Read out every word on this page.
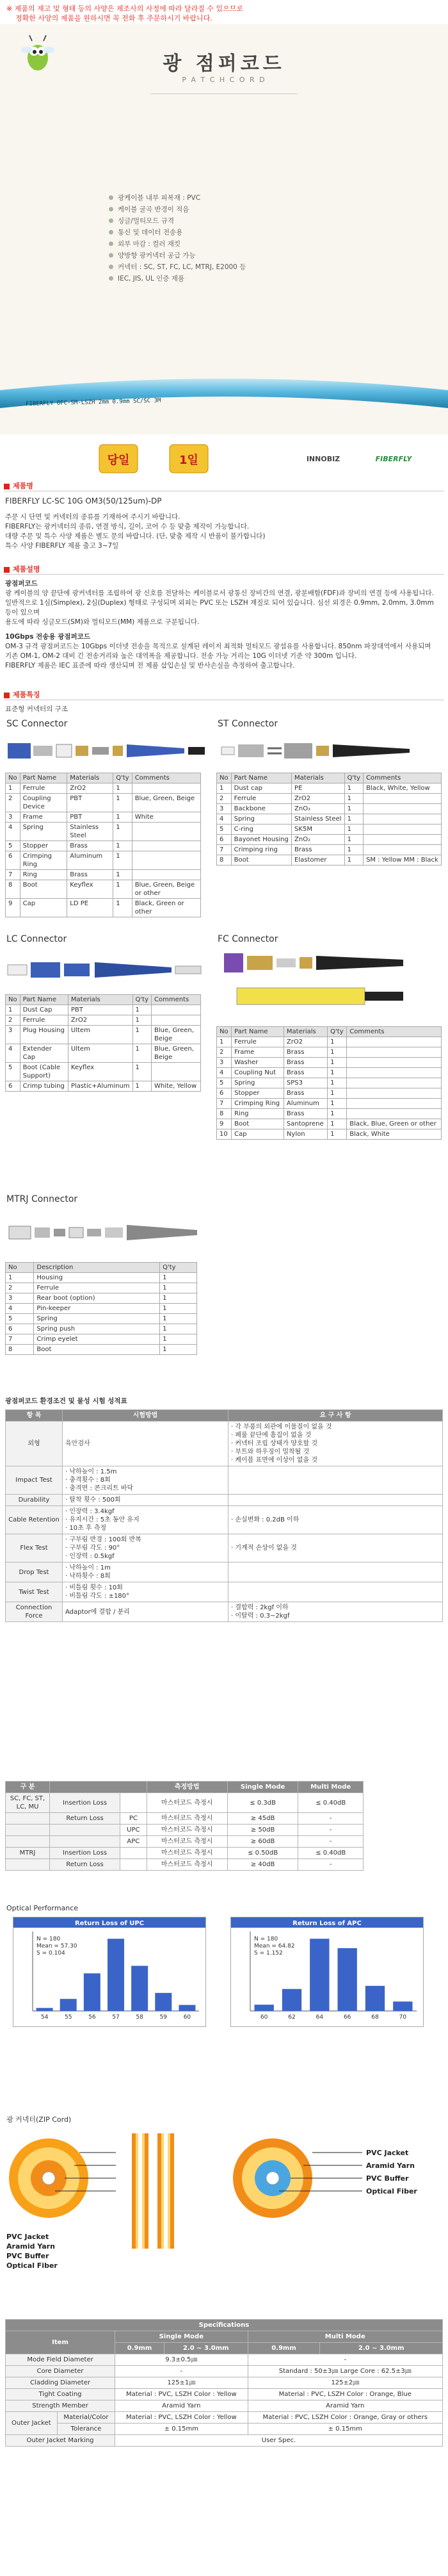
※ 제품의 재고 및 형태 등의 사양은 제조사의 사정에 따라 달라질 수 있으므로
정확한 사양의 제품을 원하시면 꼭 전화 후 주문하시기 바랍니다.
광 점퍼코드
P A T C H C O R D
광케이블 내부 피복재 : PVC
케이블 굴곡 반경이 적음
싱글/멀티모드 규격
통신 및 데이터 전송용
외부 마감 : 컬러 재킷
양방향 광커넥터 공급 가능
커넥터 : SC, ST, FC, LC, MTRJ, E2000 등
IEC, JIS, UL 인증 제품
FIBERFLY OFC-SM-LSZH 2mm 0.9mm SC/SC 3M
당일	1일	INNOBIZ	FIBERFLY
제품명
FIBERFLY LC-SC 10G OM3(50/125um)-DP
주문 시 단면 및 커넥터의 종류를 기재하여 주시기 바랍니다.
FIBERFLY는 광커넥터의 종류, 연결 방식, 길이, 코어 수 등 맞춤 제작이 가능합니다.
대량 주문 및 특수 사양 제품은 별도 문의 바랍니다. (단, 맞춤 제작 시 반품이 불가합니다)
특수 사양 FIBERFLY 제품 출고 3~7일
제품설명
광점퍼코드
광 케이블의 양 끝단에 광커넥터를 조립하여 광 신호를 전달하는 케이블로서 광통신 장비간의 연결, 광분배함(FDF)과 장비의 연결 등에 사용됩니다.
일반적으로 1심(Simplex), 2심(Duplex) 형태로 구성되며 외피는 PVC 또는 LSZH 재질로 되어 있습니다. 심선 외경은 0.9mm, 2.0mm, 3.0mm 등이 있으며
용도에 따라 싱글모드(SM)와 멀티모드(MM) 제품으로 구분됩니다.
10Gbps 전송용 광점퍼코드
OM-3 규격 광점퍼코드는 10Gbps 이더넷 전송을 목적으로 설계된 레이저 최적화 멀티모드 광섬유를 사용합니다. 850nm 파장대역에서 사용되며
기존 OM-1, OM-2 대비 긴 전송거리와 높은 대역폭을 제공합니다. 전송 가능 거리는 10G 이더넷 기준 약 300m 입니다.
FIBERFLY 제품은 IEC 표준에 따라 생산되며 전 제품 삽입손실 및 반사손실을 측정하여 출고합니다.
제품특징
표준형 커넥터의 구조
SC Connector
No	Part Name	Materials	Q'ty	Comments
1	Ferrule	ZrO2	1	
2	Coupling Device	PBT	1	Blue, Green, Beige
3	Frame	PBT	1	White
4	Spring	Stainless Steel	1	
5	Stopper	Brass	1	
6	Crimping Ring	Aluminum	1	
7	Ring	Brass	1	
8	Boot	Keyflex	1	Blue, Green, Beige or other
9	Cap	LD PE	1	Black, Green or other
ST Connector
No	Part Name	Materials	Q'ty	Comments
1	Dust cap	PE	1	Black, White, Yellow
2	Ferrule	ZrO2	1	
3	Backbone	ZnO₂	1	
4	Spring	Stainless Steel	1	
5	C-ring	SK5M	1	
6	Bayonet Housing	ZnO₂	1	
7	Crimping ring	Brass	1	
8	Boot	Elastomer	1	SM : Yellow MM : Black
LC Connector
No	Part Name	Materials	Q'ty	Comments
1	Dust Cap	PBT	1	
2	Ferrule	ZrO2	1	
3	Plug Housing	Ultem	1	Blue, Green, Beige
4	Extender Cap	Ultem	1	Blue, Green, Beige
5	Boot (Cable Support)	Keyflex	1	
6	Crimp tubing	Plastic+Aluminum	1	White, Yellow
FC Connector
No	Part Name	Materials	Q'ty	Comments
1	Ferrule	ZrO2	1	
2	Frame	Brass	1	
3	Washer	Brass	1	
4	Coupling Nut	Brass	1	
5	Spring	SPS3	1	
6	Stopper	Brass	1	
7	Crimping Ring	Aluminum	1	
8	Ring	Brass	1	
9	Boot	Santoprene	1	Black, Blue, Green or other
10	Cap	Nylon	1	Black, White
MTRJ Connector
No	Description	Q'ty
1	Housing	1
2	Ferrule	1
3	Rear boot (option)	1
4	Pin-keeper	1
5	Spring	1
6	Spring push	1
7	Crimp eyelet	1
8	Boot	1
광점퍼코드 환경조건 및 물성 시험 성적표
항 목	시험방법	요 구 사 항
외형	육안검사	· 각 부품의 외관에 이물질이 없을 것
· 페룰 끝단에 흠집이 없을 것
· 커넥터 조립 상태가 양호할 것
· 부트와 하우징이 밀착될 것
· 케이블 표면에 이상이 없을 것
Impact Test	· 낙하높이 : 1.5m
· 충격횟수 : 8회
· 충격면 : 콘크리트 바닥	
Durability	· 탈착 횟수 : 500회	
Cable Retention	· 인장력 : 3.4kgf
· 유지시간 : 5초 동안 유지
· 10초 후 측정	· 손실변화 : 0.2dB 이하
Flex Test	· 구부림 반경 : 100회 반복
· 구부림 각도 : 90°
· 인장력 : 0.5kgf	· 기계적 손상이 없을 것
Drop Test	· 낙하높이 : 1m
· 낙하횟수 : 8회	
Twist Test	· 비틀림 횟수 : 10회
· 비틀림 각도 : ±180°	
Connection Force	Adaptor에 결합 / 분리	· 결합력 : 2kgf 이하
· 이탈력 : 0.3~2kgf
구 분			측정방법	Single Mode	Multi Mode
SC, FC, ST, LC, MU	Insertion Loss		마스터코드 측정시	≤ 0.3dB	≤ 0.40dB
	Return Loss	PC	마스터코드 측정시	≥ 45dB	-
		UPC	마스터코드 측정시	≥ 50dB	-
		APC	마스터코드 측정시	≥ 60dB	-
MTRJ	Insertion Loss		마스터코드 측정시	≤ 0.50dB	≤ 0.40dB
	Return Loss		마스터코드 측정시	≥ 40dB	-
Optical Performance
Return Loss of UPC
N = 180
Mean = 57.30
S = 0.104
54	55	56	57	58	59	60
Return Loss of APC
N = 180
Mean = 64.82
S = 1.152
60	62	64	66	68	70
광 커넥터(ZIP Cord)
PVC Jacket
Aramid Yarn
PVC Buffer
Optical Fiber
PVC Jacket
Aramid Yarn
PVC Buffer
Optical Fiber
Specifications					
Item		Single Mode		Multi Mode	
		0.9mm	2.0 ~ 3.0mm	0.9mm	2.0 ~ 3.0mm
Mode Field Diameter		9.3±0.5㎛		-	
Core Diameter		-		Standard : 50±3㎛ Large Core : 62.5±3㎛	
Cladding Diameter		125±1㎛		125±2㎛	
Tight Coating		Material : PVC, LSZH Color : Yellow		Material : PVC, LSZH Color : Orange, Blue	
Strength Member		Aramid Yarn		Aramid Yarn	
Outer Jacket	Material/Color	Material : PVC, LSZH Color : Yellow		Material : PVC, LSZH Color : Orange, Gray or others	
	Tolerance	± 0.15mm		± 0.15mm	
Outer Jacket Marking		User Spec.			
